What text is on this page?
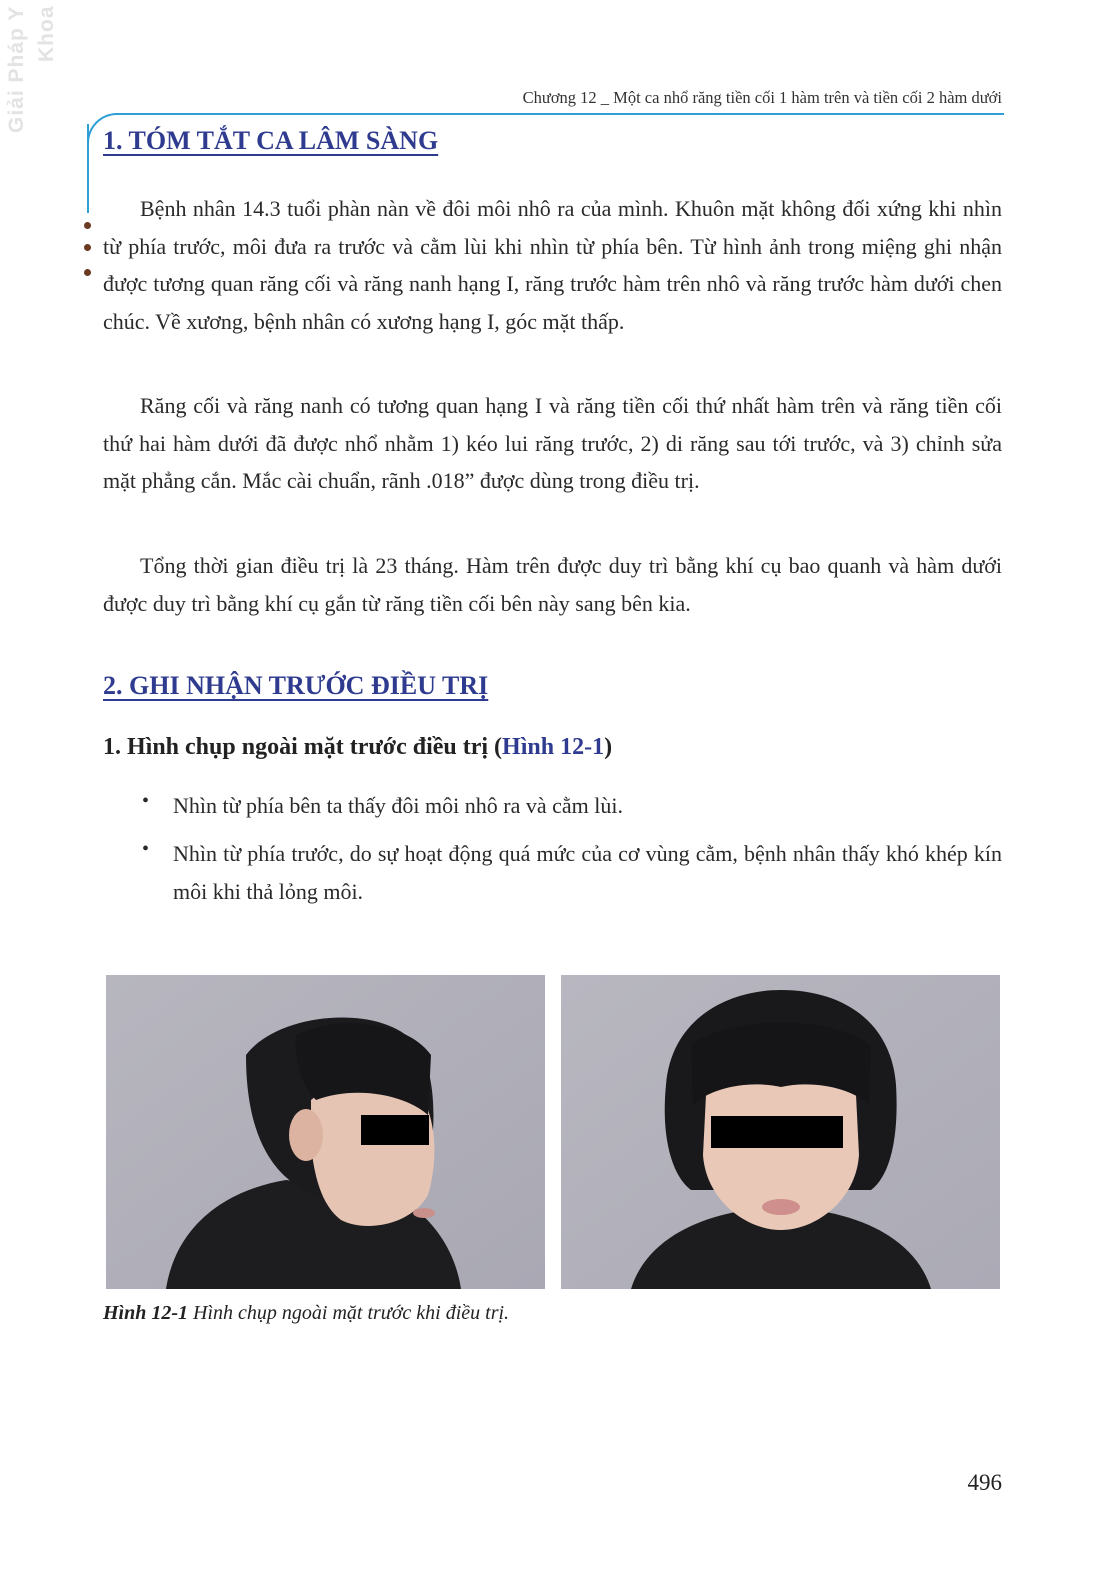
Giải Pháp Y Khoa
Chương 12 _ Một ca nhổ răng tiền cối 1 hàm trên và tiền cối 2 hàm dưới
1. TÓM TẮT CA LÂM SÀNG

Bệnh nhân 14.3 tuổi phàn nàn về đôi môi nhô ra của mình. Khuôn mặt không đối xứng khi nhìn từ phía trước, môi đưa ra trước và cằm lùi khi nhìn từ phía bên. Từ hình ảnh trong miệng ghi nhận được tương quan răng cối và răng nanh hạng I, răng trước hàm trên nhô và răng trước hàm dưới chen chúc. Về xương, bệnh nhân có xương hạng I, góc mặt thấp.

Răng cối và răng nanh có tương quan hạng I và răng tiền cối thứ nhất hàm trên và răng tiền cối thứ hai hàm dưới đã được nhổ nhằm 1) kéo lui răng trước, 2) di răng sau tới trước, và 3) chỉnh sửa mặt phẳng cắn. Mắc cài chuẩn, rãnh .018” được dùng trong điều trị.

Tổng thời gian điều trị là 23 tháng. Hàm trên được duy trì bằng khí cụ bao quanh và hàm dưới được duy trì bằng khí cụ gắn từ răng tiền cối bên này sang bên kia.

2. GHI NHẬN TRƯỚC ĐIỀU TRỊ
1. Hình chụp ngoài mặt trước điều trị (Hình 12-1)
• Nhìn từ phía bên ta thấy đôi môi nhô ra và cằm lùi.

• Nhìn từ phía trước, do sự hoạt động quá mức của cơ vùng cằm, bệnh nhân thấy khó khép kín môi khi thả lỏng môi.

Hình 12-1 Hình chụp ngoài mặt trước khi điều trị.

496
